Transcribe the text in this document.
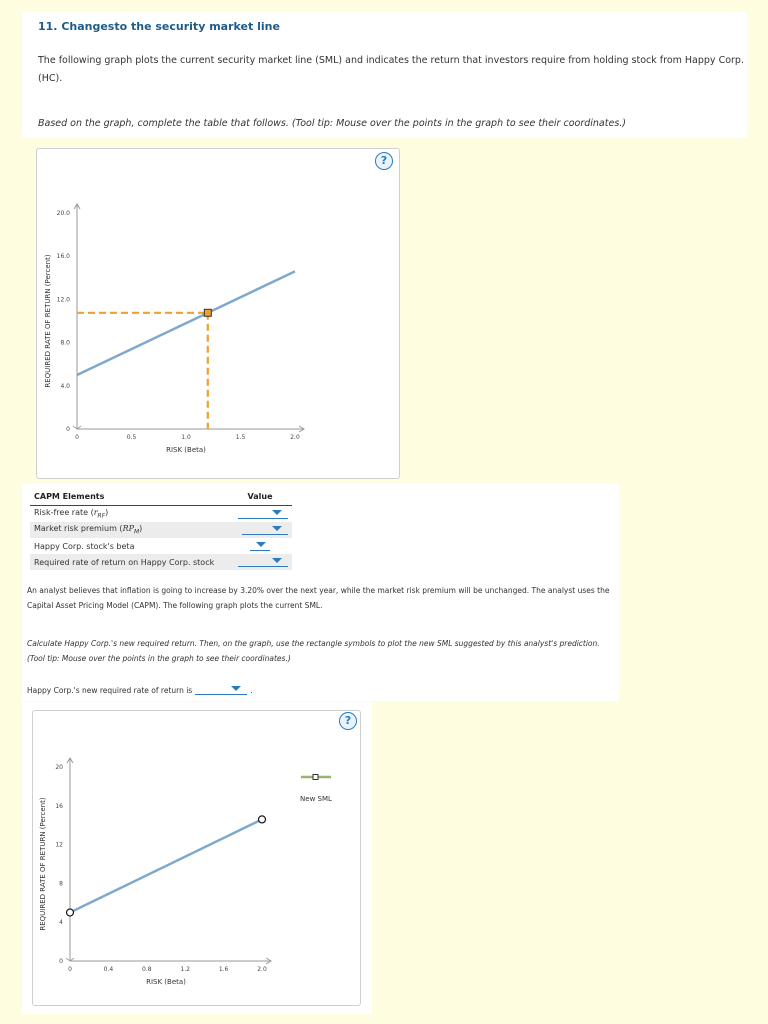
11. Changesto the security market line
The following graph plots the current security market line (SML) and indicates the return that investors require from holding stock from Happy Corp. (HC).
Based on the graph, complete the table that follows. (Tool tip: Mouse over the points in the graph to see their coordinates.)
?
0	0.5	1.0	1.5	2.0
0
4.0
8.0
12.0
16.0
20.0
RISK (Beta)
REQUIRED RATE OF RETURN (Percent)
CAPM Elements	Value
Risk-free rate $(r_{RF})$	

Market risk premium $(RP_M)$	

Happy Corp. stock's beta	

Required rate of return on Happy Corp. stock	
An analyst believes that inflation is going to increase by 3.20% over the next year, while the market risk premium will be unchanged. The analyst uses the Capital Asset Pricing Model (CAPM). The following graph plots the current SML.
Calculate Happy Corp.'s new required return. Then, on the graph, use the rectangle symbols to plot the new SML suggested by this analyst's prediction. (Tool tip: Mouse over the points in the graph to see their coordinates.)
Happy Corp.'s new required rate of return is	.
?
0	0.4	0.8	1.2	1.6	2.0
0
4
8
12
16
20
RISK (Beta)
REQUIRED RATE OF RETURN (Percent)	New SML
